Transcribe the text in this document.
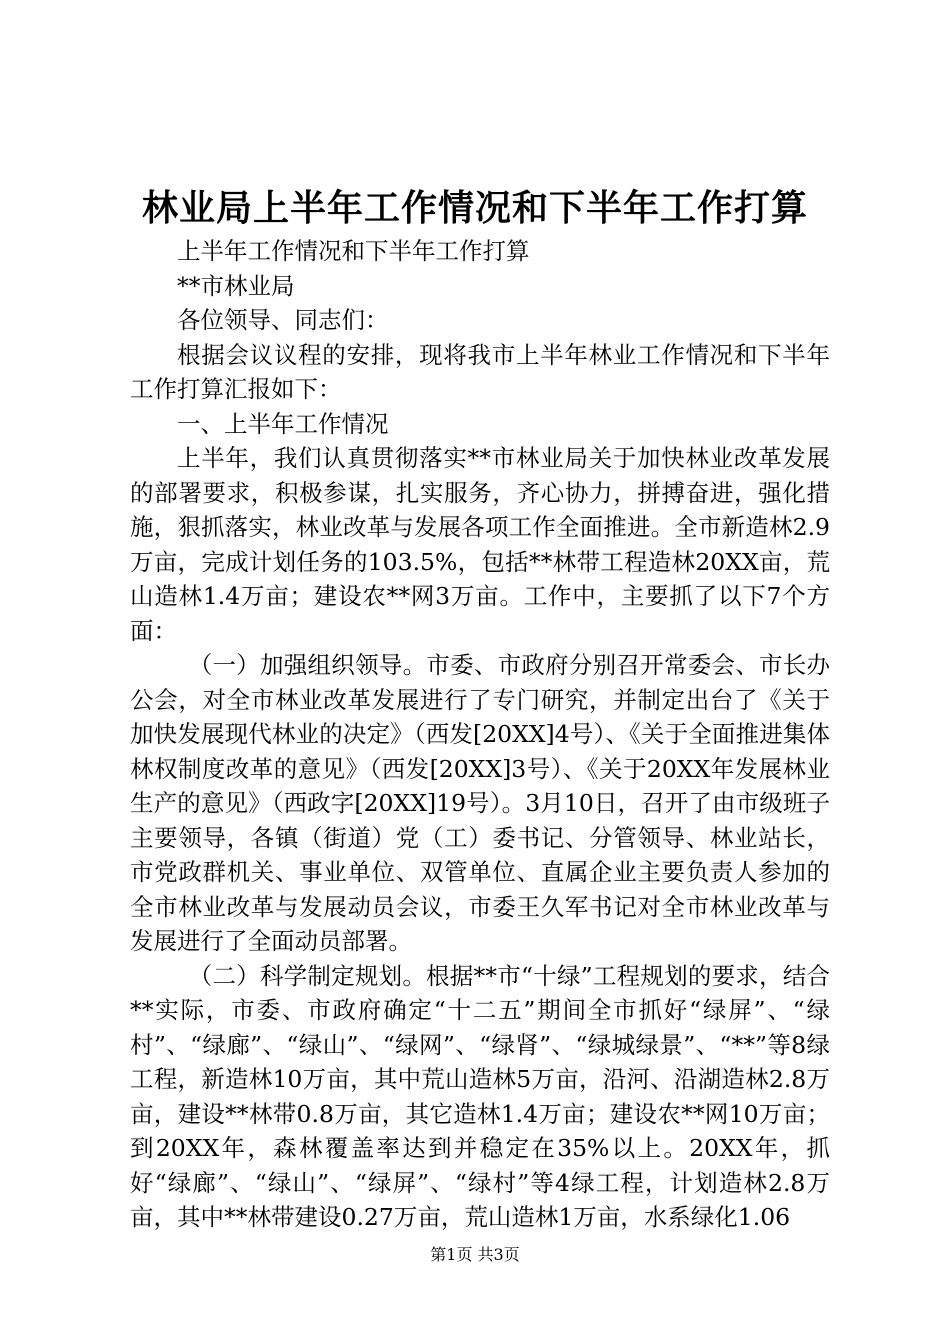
林业局上半年工作情况和下半年工作打算

上半年工作情况和下半年工作打算

**市林业局

各位领导、同志们：

根据会议议程的安排，现将我市上半年林业工作情况和下半年工作打算汇报如下：

一、上半年工作情况

上半年，我们认真贯彻落实**市林业局关于加快林业改革发展的部署要求，积极参谋，扎实服务，齐心协力，拼搏奋进，强化措施，狠抓落实，林业改革与发展各项工作全面推进。全市新造林2.9万亩，完成计划任务的103.5%，包括**林带工程造林20XX亩，荒山造林1.4万亩；建设农**网3万亩。工作中，主要抓了以下7个方面：

（一）加强组织领导。市委、市政府分别召开常委会、市长办公会，对全市林业改革发展进行了专门研究，并制定出台了《关于加快发展现代林业的决定》（西发[20XX]4号）、《关于全面推进集体林权制度改革的意见》（西发[20XX]3号）、《关于20XX年发展林业生产的意见》（西政字[20XX]19号）。3月10日，召开了由市级班子主要领导，各镇（街道）党（工）委书记、分管领导、林业站长，市党政群机关、事业单位、双管单位、直属企业主要负责人参加的全市林业改革与发展动员会议，市委王久军书记对全市林业改革与发展进行了全面动员部署。

（二）科学制定规划。根据**市“十绿”工程规划的要求，结合**实际，市委、市政府确定“十二五”期间全市抓好“绿屏”、“绿村”、“绿廊”、“绿山”、“绿网”、“绿肾”、“绿城绿景”、“**”等8绿工程，新造林10万亩，其中荒山造林5万亩，沿河、沿湖造林2.8万亩，建设**林带0.8万亩，其它造林1.4万亩；建设农**网10万亩；到20XX年，森林覆盖率达到并稳定在35%以上。20XX年，抓好“绿廊”、“绿山”、“绿屏”、“绿村”等4绿工程，计划造林2.8万亩，其中**林带建设0.27万亩，荒山造林1万亩，水系绿化1.06

第1页 共3页
